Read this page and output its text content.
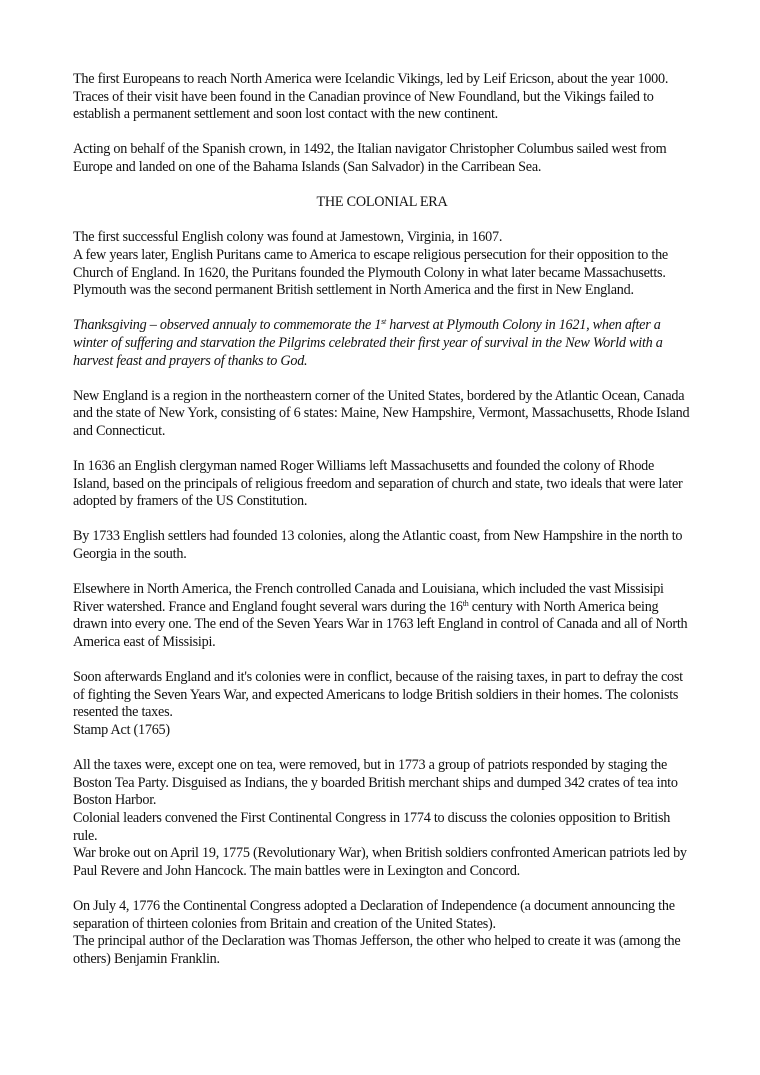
The first Europeans to reach North America were Icelandic Vikings, led by Leif Ericson, about the year 1000. Traces of their visit have been found in the Canadian province of New Foundland, but the Vikings failed to establish a permanent settlement and soon lost contact with the new continent.

Acting on behalf of the Spanish crown, in 1492, the Italian navigator Christopher Columbus sailed west from Europe and landed on one of the Bahama Islands (San Salvador) in the Carribean Sea.

THE COLONIAL ERA

The first successful English colony was found at Jamestown, Virginia, in 1607.

A few years later, English Puritans came to America to escape religious persecution for their opposition to the Church of England. In 1620, the Puritans founded the Plymouth Colony in what later became Massachusetts. Plymouth was the second permanent British settlement in North America and the first in New England.

Thanksgiving – observed annualy to commemorate the 1st harvest at Plymouth Colony in 1621, when after a winter of suffering and starvation the Pilgrims celebrated their first year of survival in the New World with a harvest feast and prayers of thanks to God.

New England is a region in the northeastern corner of the United States, bordered by the Atlantic Ocean, Canada and the state of New York, consisting of 6 states: Maine, New Hampshire, Vermont, Massachusetts, Rhode Island and Connecticut.

In 1636 an English clergyman named Roger Williams left Massachusetts and founded the colony of Rhode Island, based on the principals of religious freedom and separation of church and state, two ideals that were later adopted by framers of the US Constitution.

By 1733 English settlers had founded 13 colonies, along the Atlantic coast, from New Hampshire in the north to Georgia in the south.

Elsewhere in North America, the French controlled Canada and Louisiana, which included the vast Missisipi River watershed. France and England fought several wars during the 16th century with North America being drawn into every one. The end of the Seven Years War in 1763 left England in control of Canada and all of North America east of Missisipi.

Soon afterwards England and it's colonies were in conflict, because of the raising taxes, in part to defray the cost of fighting the Seven Years War, and expected Americans to lodge British soldiers in their homes. The colonists resented the taxes.

Stamp Act (1765)

All the taxes were, except one on tea, were removed, but in 1773 a group of patriots responded by staging the Boston Tea Party. Disguised as Indians, the y boarded British merchant ships and dumped 342 crates of tea into Boston Harbor.
Colonial leaders convened the First Continental Congress in 1774 to discuss the colonies opposition to British rule.

War broke out on April 19, 1775 (Revolutionary War), when British soldiers confronted American patriots led by Paul Revere and John Hancock. The main battles were in Lexington and Concord.

On July 4, 1776 the Continental Congress adopted a Declaration of Independence (a document announcing the separation of thirteen colonies from Britain and creation of the United States).

The principal author of the Declaration was Thomas Jefferson, the other who helped to create it was (among the others) Benjamin Franklin.
